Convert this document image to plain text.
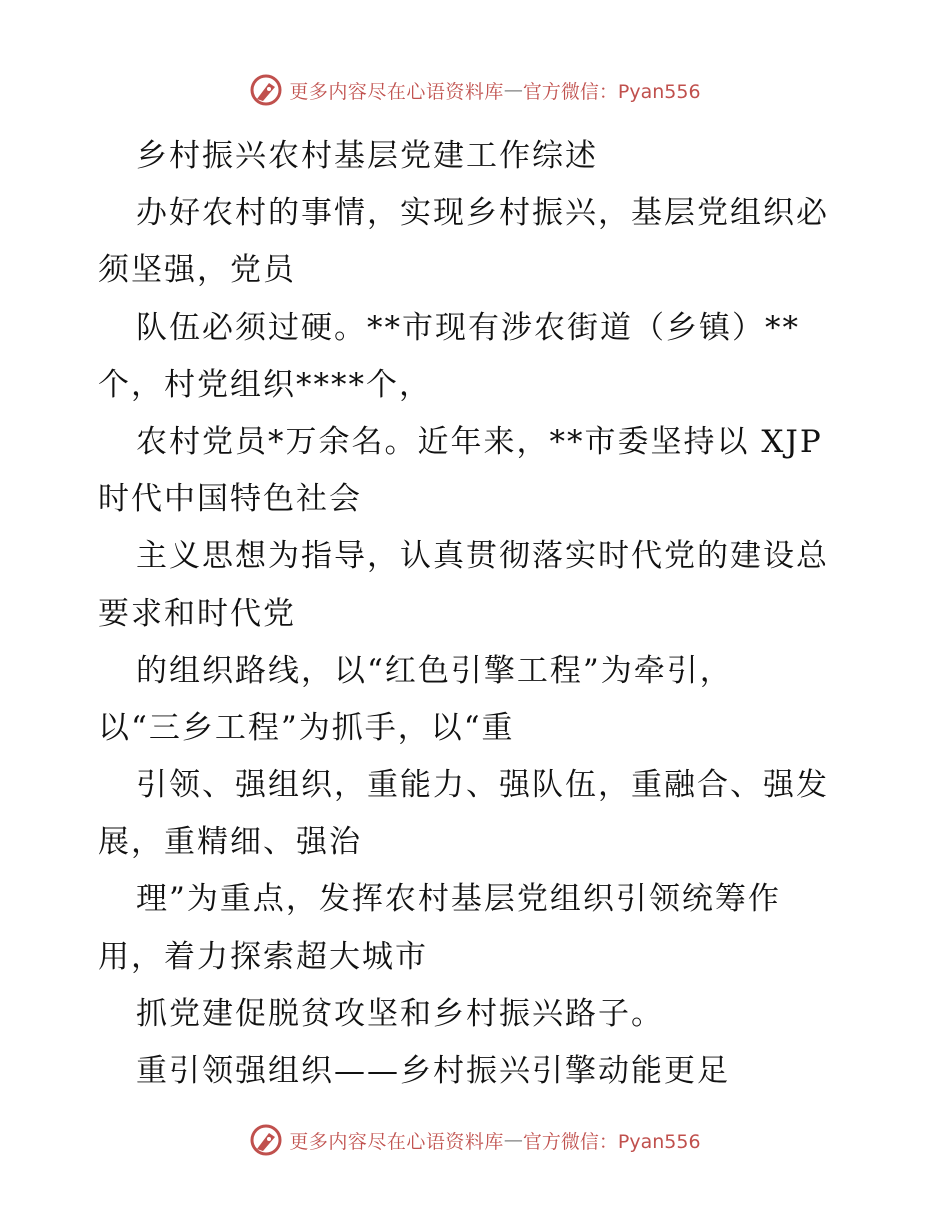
更多内容尽在心语资料库 — 官方微信：Pyan556
乡村振兴农村基层党建工作综述
办好农村的事情，实现乡村振兴，基层党组织必
须坚强，党员
队伍必须过硬。**市现有涉农街道（乡镇）**
个，村党组织****个，
农村党员*万余名。近年来，**市委坚持以 XJP
时代中国特色社会
主义思想为指导，认真贯彻落实时代党的建设总
要求和时代党
的组织路线，以“红色引擎工程”为牵引，
以“三乡工程”为抓手，以“重
引领、强组织，重能力、强队伍，重融合、强发
展，重精细、强治
理”为重点，发挥农村基层党组织引领统筹作
用，着力探索超大城市
抓党建促脱贫攻坚和乡村振兴路子。
重引领强组织——乡村振兴引擎动能更足
更多内容尽在心语资料库 — 官方微信：Pyan556
